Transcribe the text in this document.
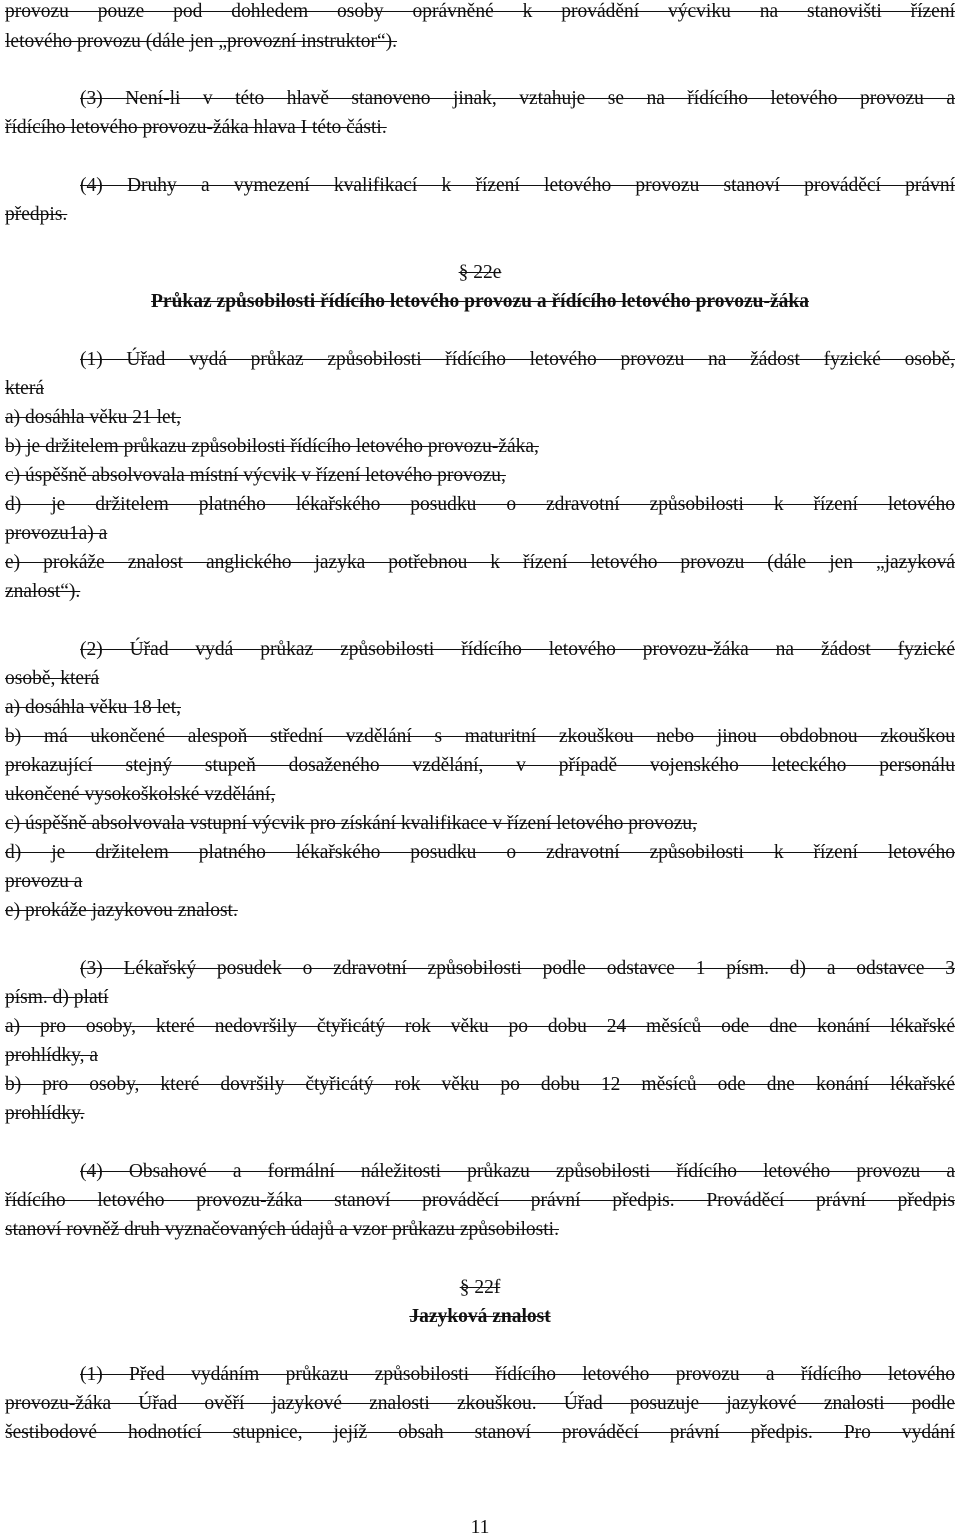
provozu pouze pod dohledem osoby oprávněné k provádění výcviku na stanovišti řízení
letového provozu (dále jen „provozní instruktor“).
(3) Není-li v této hlavě stanoveno jinak, vztahuje se na řídícího letového provozu a
řídícího letového provozu-žáka hlava I této části.
(4) Druhy a vymezení kvalifikací k řízení letového provozu stanoví prováděcí právní
předpis.
§ 22e
Průkaz způsobilosti řídícího letového provozu a řídícího letového provozu-žáka
(1) Úřad vydá průkaz způsobilosti řídícího letového provozu na žádost fyzické osobě,
která
a) dosáhla věku 21 let,
b) je držitelem průkazu způsobilosti řídícího letového provozu-žáka,
c) úspěšně absolvovala místní výcvik v řízení letového provozu,
d) je držitelem platného lékařského posudku o zdravotní způsobilosti k řízení letového
provozu1a) a
e) prokáže znalost anglického jazyka potřebnou k řízení letového provozu (dále jen „jazyková
znalost“).
(2) Úřad vydá průkaz způsobilosti řídícího letového provozu-žáka na žádost fyzické
osobě, která
a) dosáhla věku 18 let,
b) má ukončené alespoň střední vzdělání s maturitní zkouškou nebo jinou obdobnou zkouškou
prokazující stejný stupeň dosaženého vzdělání, v případě vojenského leteckého personálu
ukončené vysokoškolské vzdělání,
c) úspěšně absolvovala vstupní výcvik pro získání kvalifikace v řízení letového provozu,
d) je držitelem platného lékařského posudku o zdravotní způsobilosti k řízení letového
provozu a
e) prokáže jazykovou znalost.
(3) Lékařský posudek o zdravotní způsobilosti podle odstavce 1 písm. d) a odstavce 3
písm. d) platí
a) pro osoby, které nedovršily čtyřicátý rok věku po dobu 24 měsíců ode dne konání lékařské
prohlídky, a
b) pro osoby, které dovršily čtyřicátý rok věku po dobu 12 měsíců ode dne konání lékařské
prohlídky.
(4) Obsahové a formální náležitosti průkazu způsobilosti řídícího letového provozu a
řídícího letového provozu-žáka stanoví prováděcí právní předpis. Prováděcí právní předpis
stanoví rovněž druh vyznačovaných údajů a vzor průkazu způsobilosti.
§ 22f
Jazyková znalost
(1) Před vydáním průkazu způsobilosti řídícího letového provozu a řídícího letového
provozu-žáka Úřad ověří jazykové znalosti zkouškou. Úřad posuzuje jazykové znalosti podle
šestibodové hodnotící stupnice, jejíž obsah stanoví prováděcí právní předpis. Pro vydání
11
